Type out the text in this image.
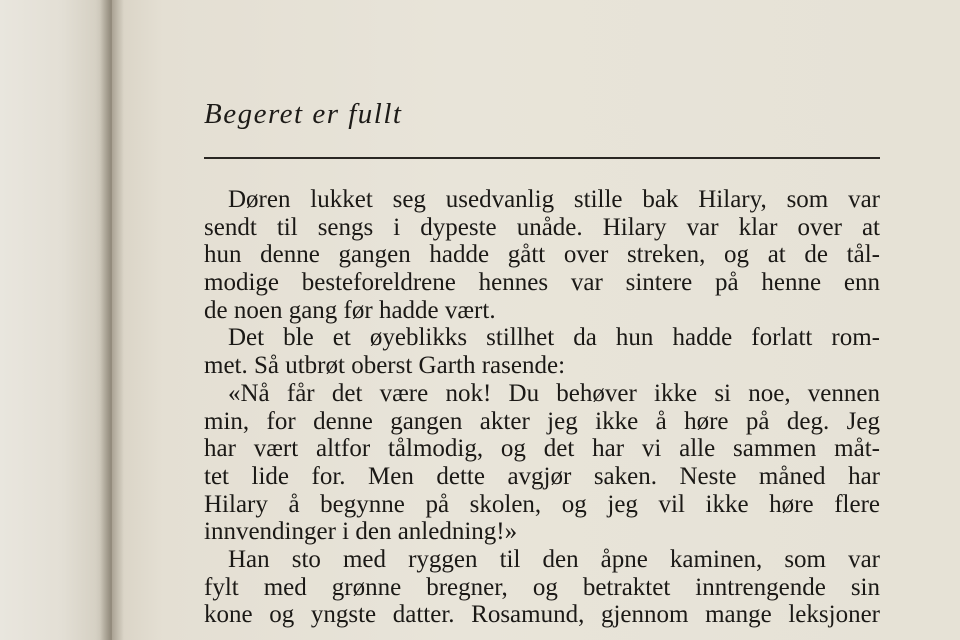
Begeret er fullt
Døren lukket seg usedvanlig stille bak Hilary, som var
sendt til sengs i dypeste unåde. Hilary var klar over at
hun denne gangen hadde gått over streken, og at de tål-
modige besteforeldrene hennes var sintere på henne enn
de noen gang før hadde vært.
Det ble et øyeblikks stillhet da hun hadde forlatt rom-
met. Så utbrøt oberst Garth rasende:
«Nå får det være nok! Du behøver ikke si noe, vennen
min, for denne gangen akter jeg ikke å høre på deg. Jeg
har vært altfor tålmodig, og det har vi alle sammen måt-
tet lide for. Men dette avgjør saken. Neste måned har
Hilary å begynne på skolen, og jeg vil ikke høre flere
innvendinger i den anledning!»
Han sto med ryggen til den åpne kaminen, som var
fylt med grønne bregner, og betraktet inntrengende sin
kone og yngste datter. Rosamund, gjennom mange leksjoner
